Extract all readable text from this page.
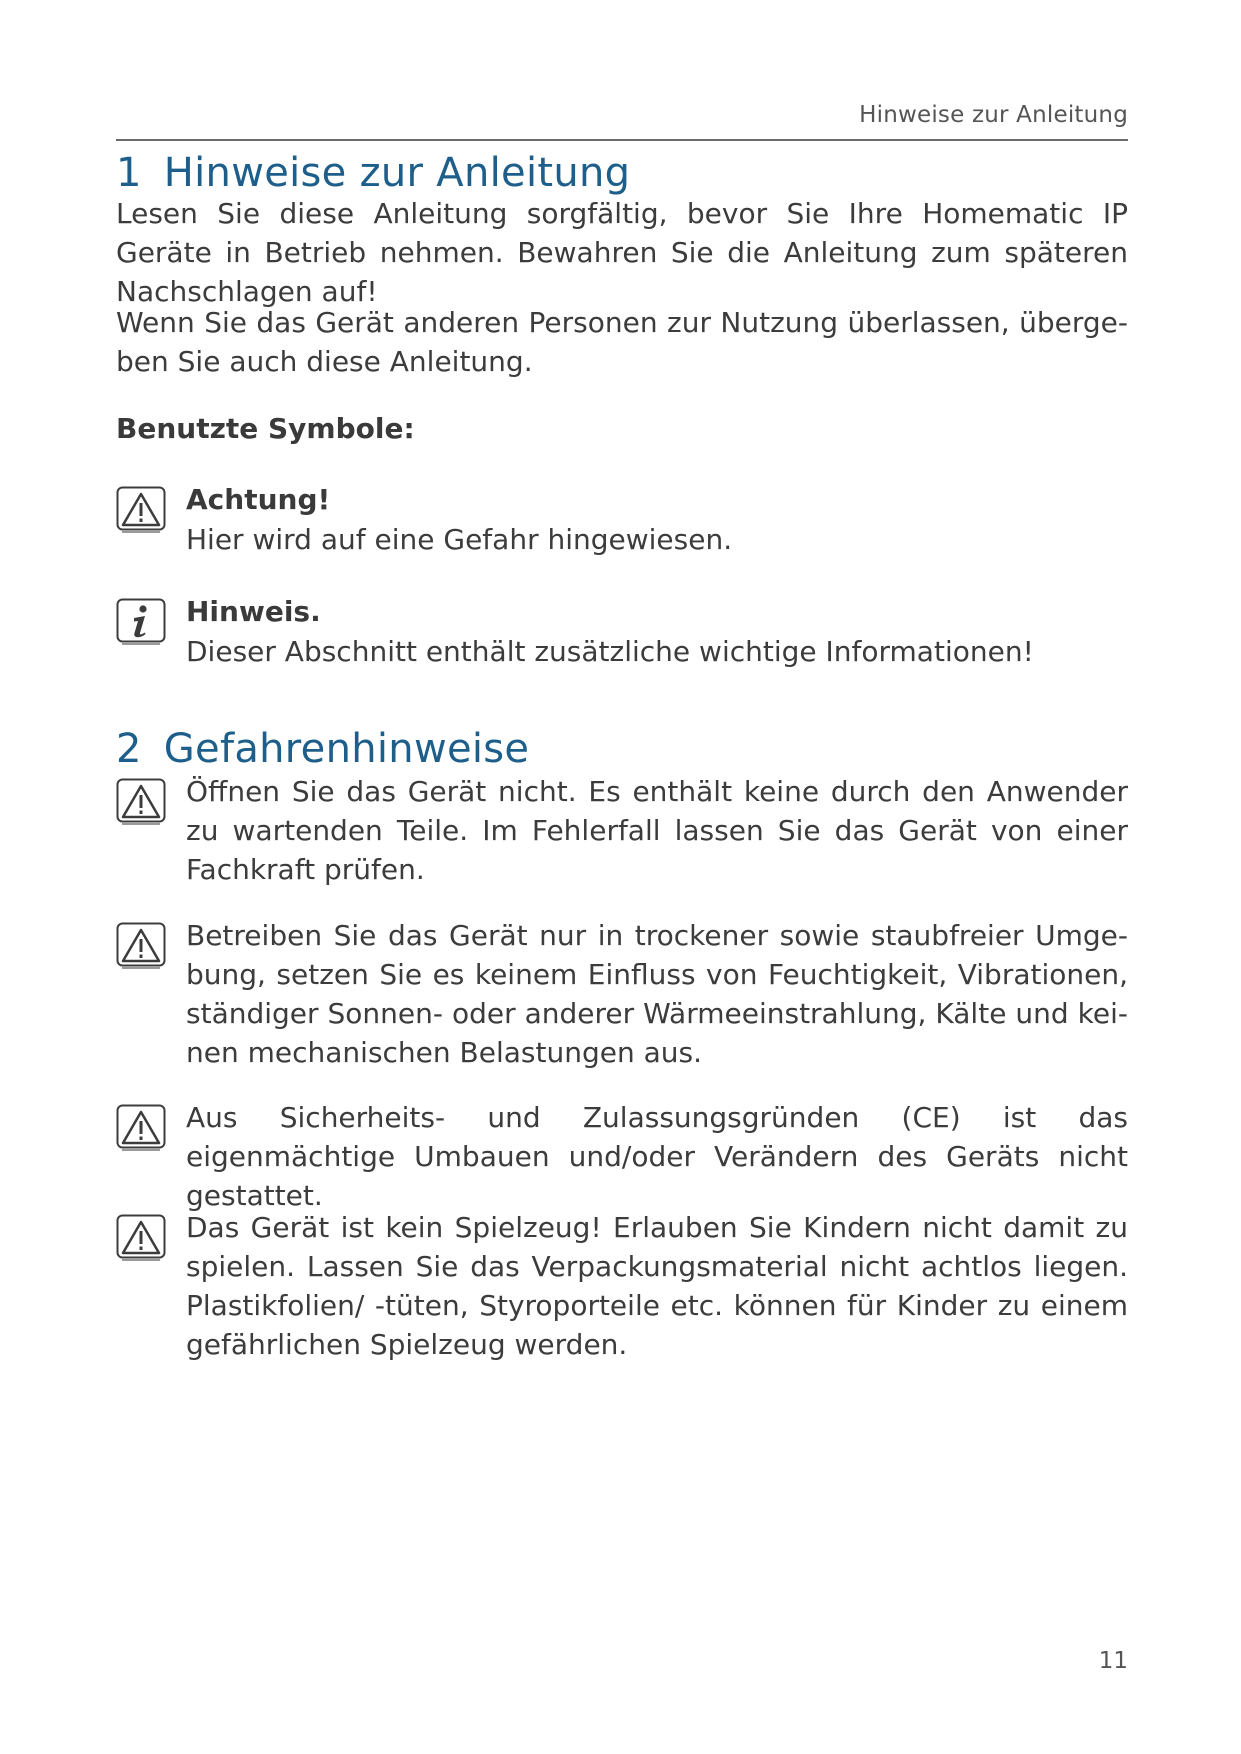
Hinweise zur Anleitung
1 Hinweise zur Anleitung

Lesen Sie diese Anleitung sorgfältig, bevor Sie Ihre Homematic IP Geräte in Betrieb nehmen. Bewahren Sie die Anleitung zum späteren Nachschlagen auf!

Wenn Sie das Gerät anderen Personen zur Nutzung überlassen, übergeben Sie auch diese Anleitung.

Benutzte Symbole:

Achtung!
Hier wird auf eine Gefahr hingewiesen.
Hinweis.
Dieser Abschnitt enthält zusätzliche wichtige Informationen!
2 Gefahrenhinweise
Öffnen Sie das Gerät nicht. Es enthält keine durch den Anwender zu wartenden Teile. Im Fehlerfall lassen Sie das Gerät von einer Fachkraft prüfen.
Betreiben Sie das Gerät nur in trockener sowie staubfreier Umgebung, setzen Sie es keinem Einfluss von Feuchtigkeit, Vibrationen, ständiger Sonnen- oder anderer Wärmeeinstrahlung, Kälte und keinen mechanischen Belastungen aus.
Aus Sicherheits- und Zulassungsgründen (CE) ist das eigenmächtige Umbauen und/oder Verändern des Geräts nicht gestattet.
Das Gerät ist kein Spielzeug! Erlauben Sie Kindern nicht damit zu spielen. Lassen Sie das Verpackungsmaterial nicht achtlos liegen. Plastikfolien/ -tüten, Styroporteile etc. können für Kinder zu einem gefährlichen Spielzeug werden.
11
